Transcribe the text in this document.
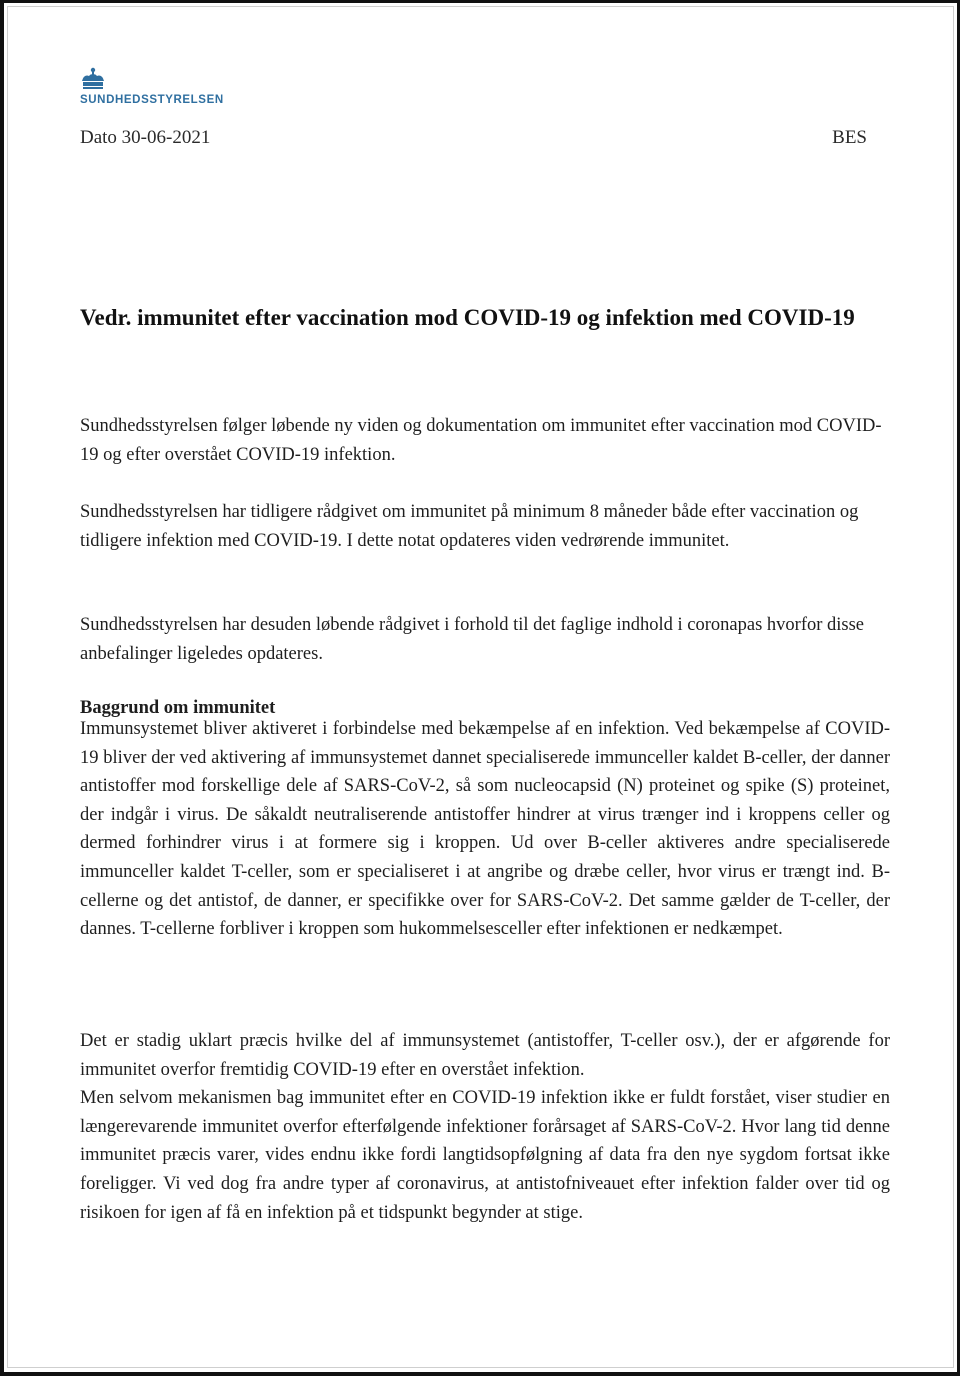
SUNDHEDSSTYRELSEN
Dato 30-06-2021	BES
Vedr. immunitet efter vaccination mod COVID-19 og infektion med COVID-19

Sundhedsstyrelsen følger løbende ny viden og dokumentation om immunitet efter vaccination mod COVID-19 og efter overstået COVID-19 infektion.

Sundhedsstyrelsen har tidligere rådgivet om immunitet på minimum 8 måneder både efter vaccination og tidligere infektion med COVID-19. I dette notat opdateres viden vedrørende immunitet.

Sundhedsstyrelsen har desuden løbende rådgivet i forhold til det faglige indhold i coronapas hvorfor disse anbefalinger ligeledes opdateres.

Baggrund om immunitet

Immunsystemet bliver aktiveret i forbindelse med bekæmpelse af en infektion. Ved bekæmpelse af COVID-19 bliver der ved aktivering af immunsystemet dannet specialiserede immunceller kaldet B-celler, der danner antistoffer mod forskellige dele af SARS-CoV-2, så som nucleocapsid (N) proteinet og spike (S) proteinet, der indgår i virus. De såkaldt neutraliserende antistoffer hindrer at virus trænger ind i kroppens celler og dermed forhindrer virus i at formere sig i kroppen. Ud over B-celler aktiveres andre specialiserede immunceller kaldet T-celler, som er specialiseret i at angribe og dræbe celler, hvor virus er trængt ind. B-cellerne og det antistof, de danner, er specifikke over for SARS-CoV-2. Det samme gælder de T-celler, der dannes. T-cellerne forbliver i kroppen som hukommelsesceller efter infektionen er nedkæmpet.

Det er stadig uklart præcis hvilke del af immunsystemet (antistoffer, T-celler osv.), der er afgørende for immunitet overfor fremtidig COVID-19 efter en overstået infektion.
Men selvom mekanismen bag immunitet efter en COVID-19 infektion ikke er fuldt forstået, viser studier en længerevarende immunitet overfor efterfølgende infektioner forårsaget af SARS-CoV-2. Hvor lang tid denne immunitet præcis varer, vides endnu ikke fordi langtidsopfølgning af data fra den nye sygdom fortsat ikke foreligger. Vi ved dog fra andre typer af coronavirus, at antistofniveauet efter infektion falder over tid og risikoen for igen af få en infektion på et tidspunkt begynder at stige.
